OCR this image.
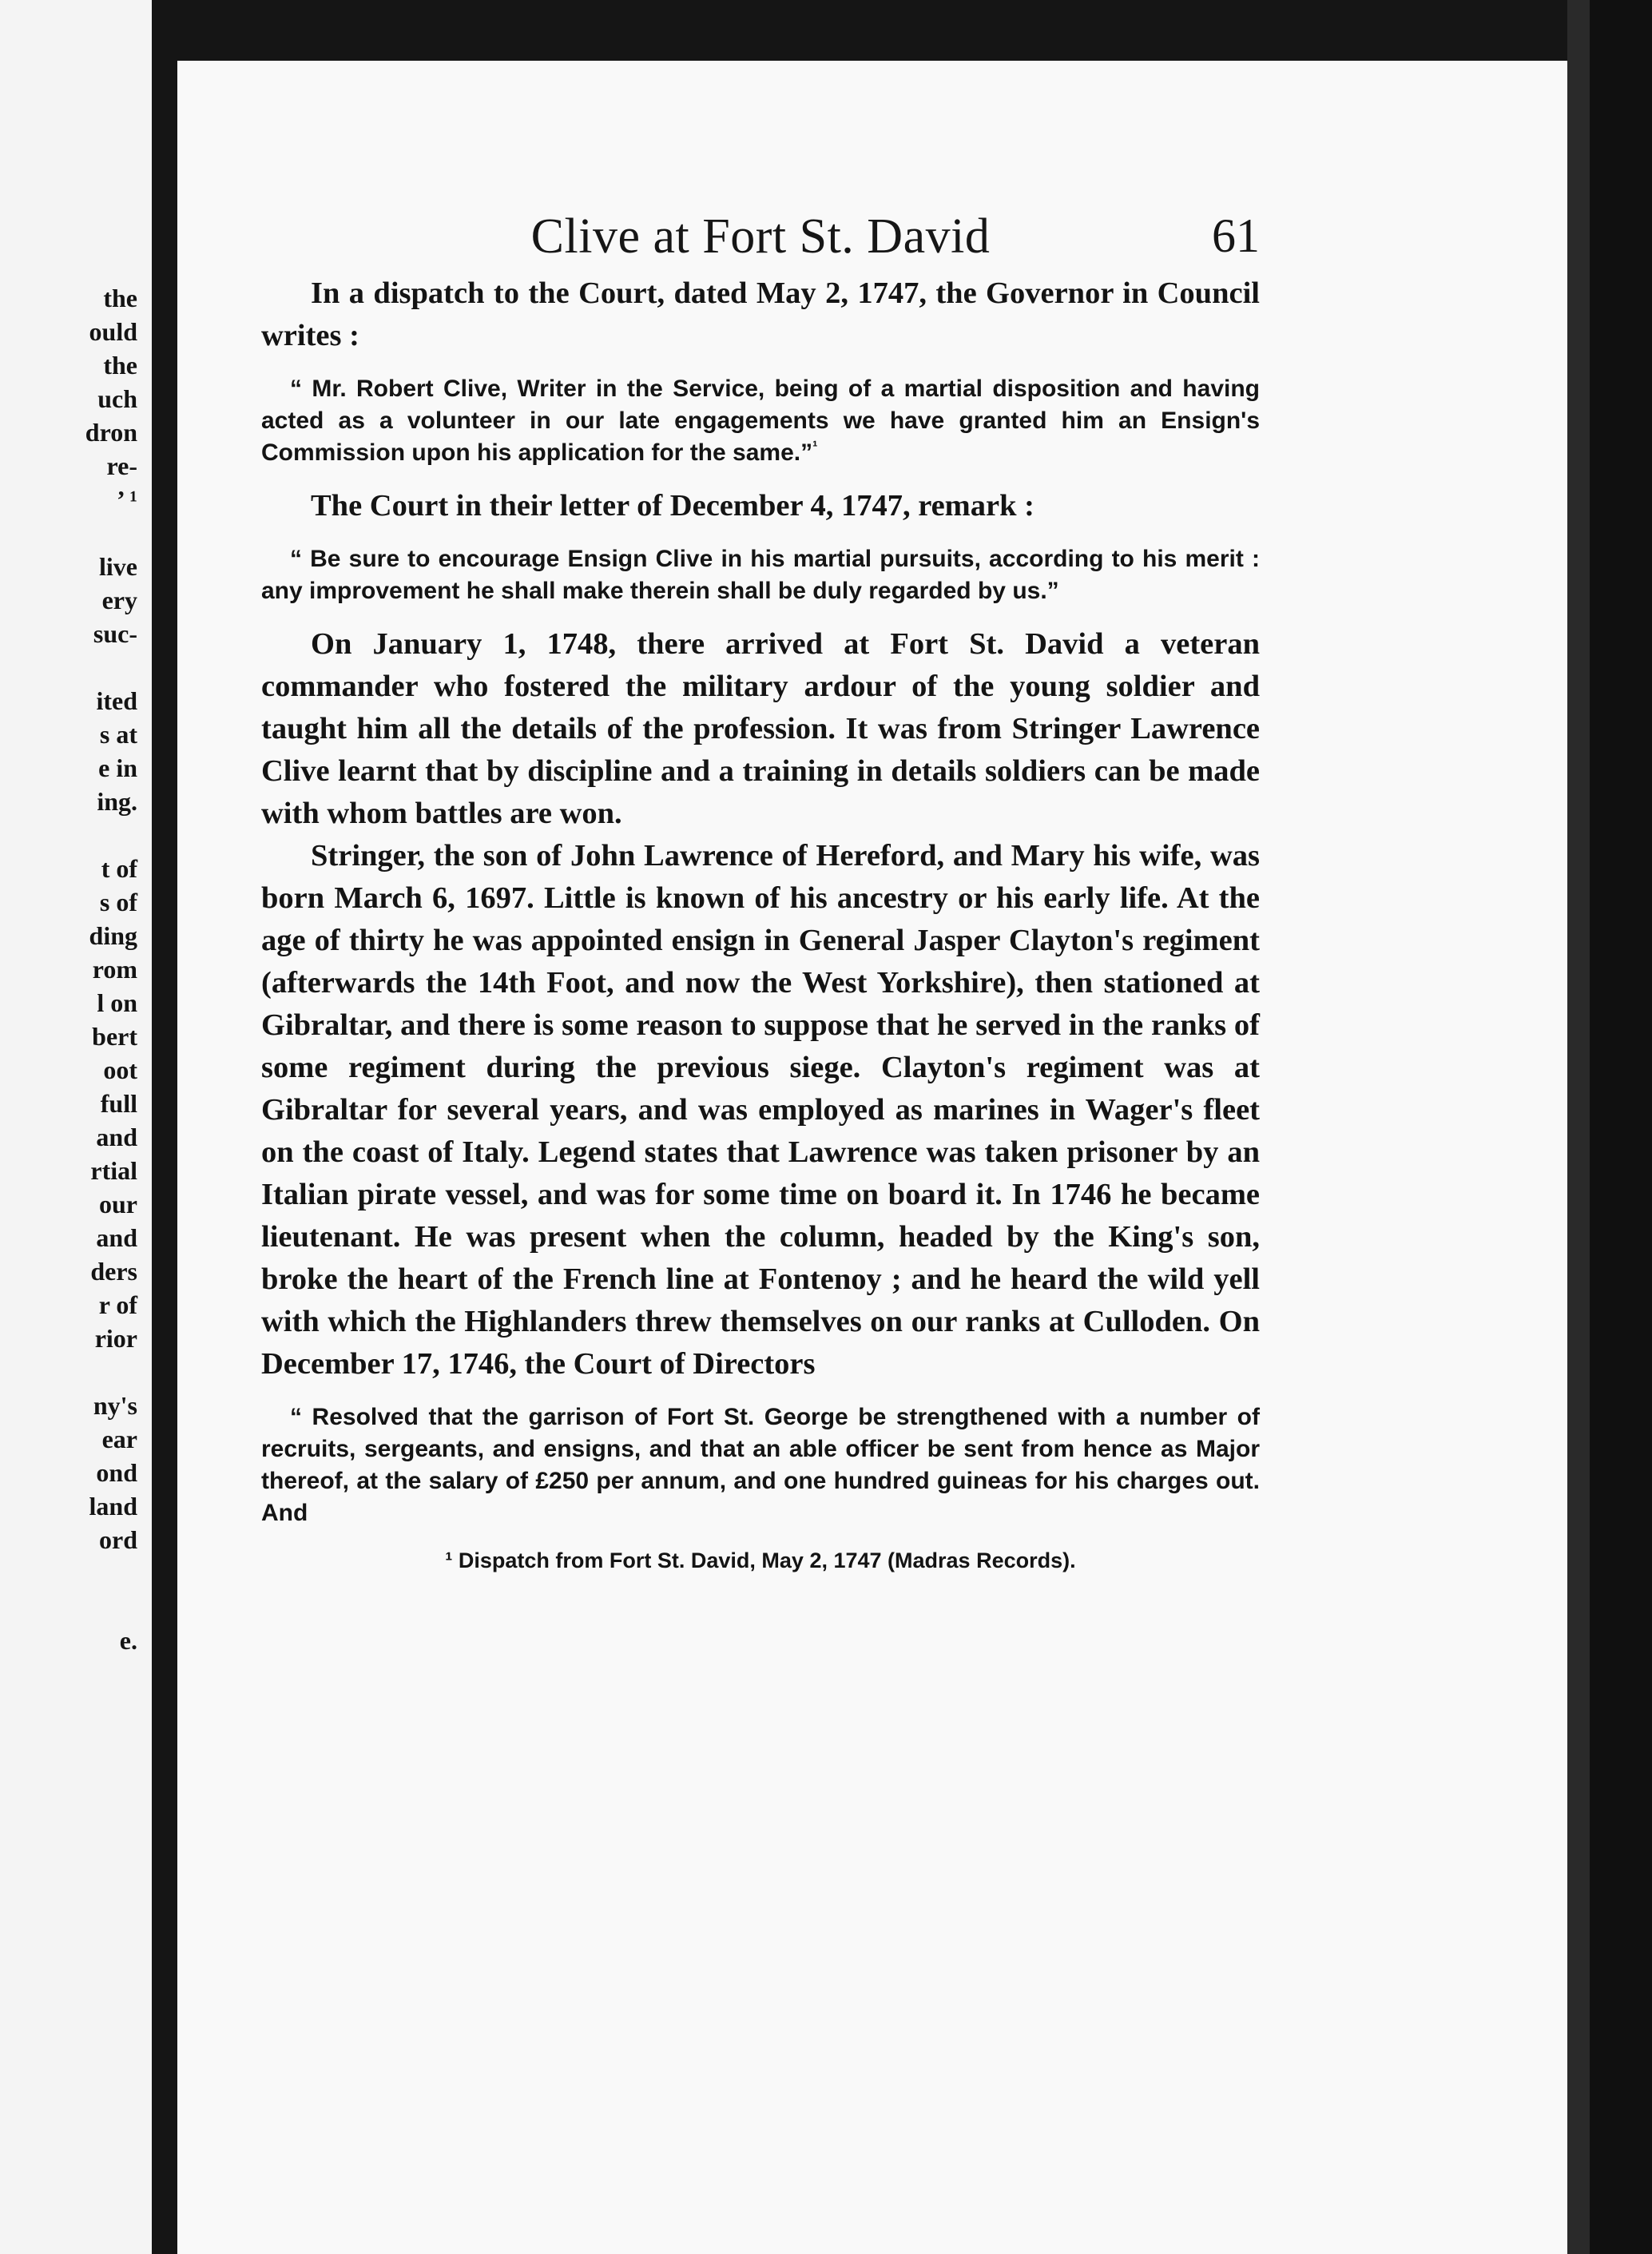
the
ould
the
uch
dron
re-
’ ¹

live
ery
suc-

ited
s at
e in
ing.

t of
s of
ding
rom
l on
bert
oot
full
and
rtial
our
and
ders
r of
rior

ny's
ear
ond
land
ord

e.
Clive at Fort St. David	61

In a dispatch to the Court, dated May 2, 1747, the Governor in Council writes :

“ Mr. Robert Clive, Writer in the Service, being of a martial disposition and having acted as a volunteer in our late engagements we have granted him an Ensign's Commission upon his application for the same.”$^{^1}$

The Court in their letter of December 4, 1747, remark :

“ Be sure to encourage Ensign Clive in his martial pursuits, according to his merit : any improvement he shall make therein shall be duly regarded by us.”

On January 1, 1748, there arrived at Fort St. David a veteran commander who fostered the military ardour of the young soldier and taught him all the details of the profession. It was from Stringer Lawrence Clive learnt that by discipline and a training in details soldiers can be made with whom battles are won.

Stringer, the son of John Lawrence of Hereford, and Mary his wife, was born March 6, 1697. Little is known of his ancestry or his early life. At the age of thirty he was appointed ensign in General Jasper Clayton's regiment (afterwards the 14th Foot, and now the West Yorkshire), then stationed at Gibraltar, and there is some reason to suppose that he served in the ranks of some regiment during the previous siege. Clayton's regiment was at Gibraltar for several years, and was employed as marines in Wager's fleet on the coast of Italy. Legend states that Lawrence was taken prisoner by an Italian pirate vessel, and was for some time on board it. In 1746 he became lieutenant. He was present when the column, headed by the King's son, broke the heart of the French line at Fontenoy ; and he heard the wild yell with which the Highlanders threw themselves on our ranks at Culloden. On December 17, 1746, the Court of Directors

“ Resolved that the garrison of Fort St. George be strengthened with a number of recruits, sergeants, and ensigns, and that an able officer be sent from hence as Major thereof, at the salary of £250 per annum, and one hundred guineas for his charges out. And

¹ Dispatch from Fort St. David, May 2, 1747 (Madras Records).
